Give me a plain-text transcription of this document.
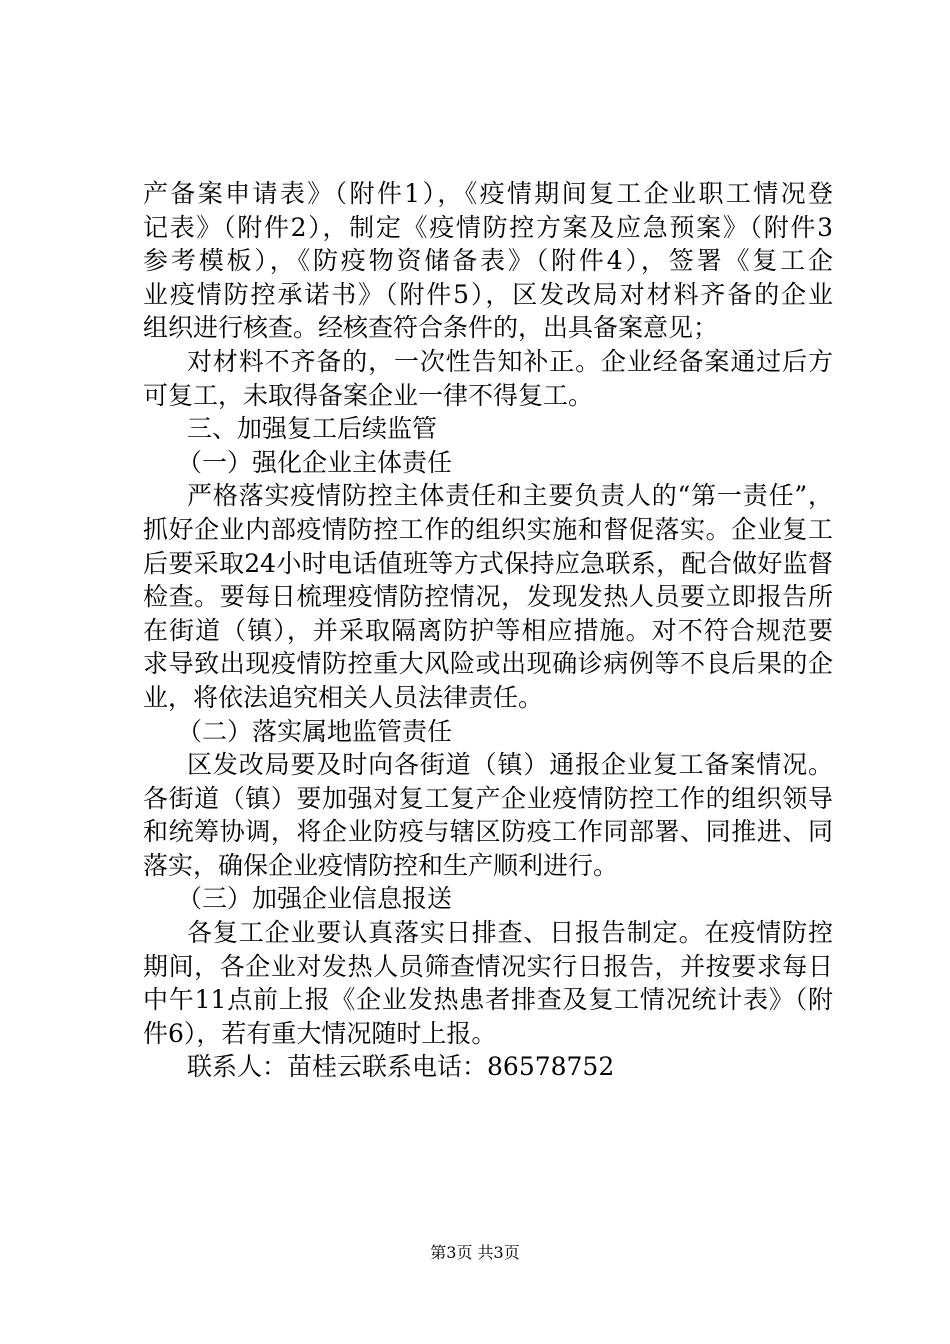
产备案申请表》（附件1），《疫情期间复工企业职工情况登
记表》（附件2），制定《疫情防控方案及应急预案》（附件3
参考模板），《防疫物资储备表》（附件4），签署《复工企
业疫情防控承诺书》（附件5），区发改局对材料齐备的企业
组织进行核查。经核查符合条件的，出具备案意见；
对材料不齐备的，一次性告知补正。企业经备案通过后方
可复工，未取得备案企业一律不得复工。
三、加强复工后续监管
（一）强化企业主体责任
严格落实疫情防控主体责任和主要负责人的“第一责任”，
抓好企业内部疫情防控工作的组织实施和督促落实。企业复工
后要采取24小时电话值班等方式保持应急联系，配合做好监督
检查。要每日梳理疫情防控情况，发现发热人员要立即报告所
在街道（镇），并采取隔离防护等相应措施。对不符合规范要
求导致出现疫情防控重大风险或出现确诊病例等不良后果的企
业，将依法追究相关人员法律责任。
（二）落实属地监管责任
区发改局要及时向各街道（镇）通报企业复工备案情况。
各街道（镇）要加强对复工复产企业疫情防控工作的组织领导
和统筹协调，将企业防疫与辖区防疫工作同部署、同推进、同
落实，确保企业疫情防控和生产顺利进行。
（三）加强企业信息报送
各复工企业要认真落实日排查、日报告制定。在疫情防控
期间，各企业对发热人员筛查情况实行日报告，并按要求每日
中午11点前上报《企业发热患者排查及复工情况统计表》（附
件6），若有重大情况随时上报。
联系人：苗桂云联系电话：86578752
第3页 共3页
